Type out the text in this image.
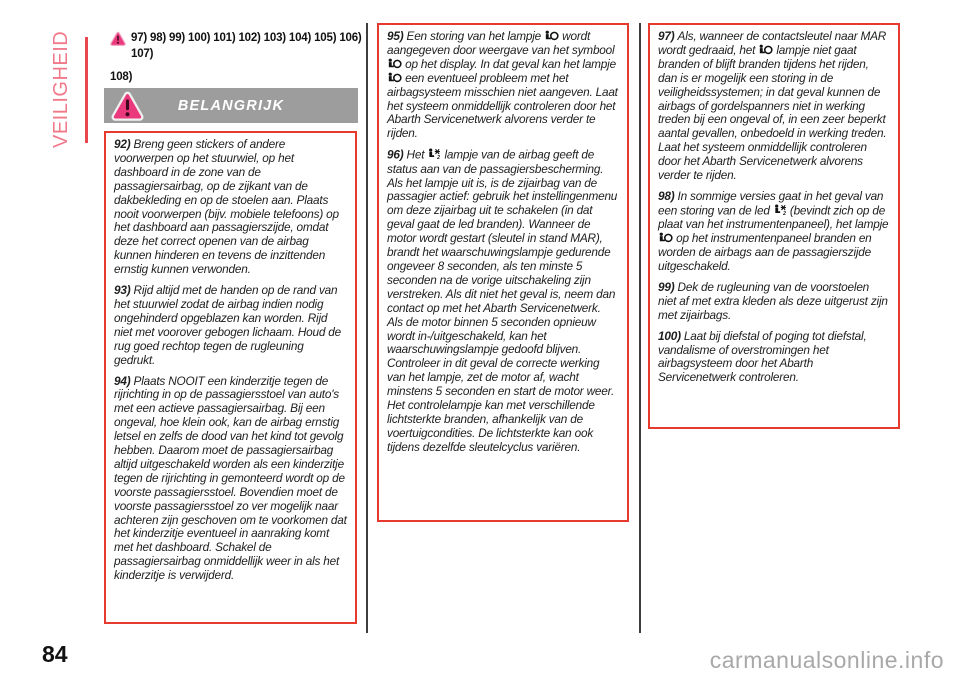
VEILIGHEID	97) 98) 99) 100) 101) 102) 103) 104) 105) 106) 107)
108)
BELANGRIJK

92) Breng geen stickers of andere voorwerpen op het stuurwiel, op het dashboard in de zone van de passagiersairbag, op de zijkant van de dakbekleding en op de stoelen aan. Plaats nooit voorwerpen (bijv. mobiele telefoons) op het dashboard aan passagierszijde, omdat deze het correct openen van de airbag kunnen hinderen en tevens de inzittenden ernstig kunnen verwonden.

93) Rijd altijd met de handen op de rand van het stuurwiel zodat de airbag indien nodig ongehinderd opgeblazen kan worden. Rijd niet met voorover gebogen lichaam. Houd de rug goed rechtop tegen de rugleuning gedrukt.

94) Plaats NOOIT een kinderzitje tegen de rijrichting in op de passagiersstoel van auto's met een actieve passagiersairbag. Bij een ongeval, hoe klein ook, kan de airbag ernstig letsel en zelfs de dood van het kind tot gevolg hebben. Daarom moet de passagiersairbag altijd uitgeschakeld worden als een kinderzitje tegen de rijrichting in gemonteerd wordt op de voorste passagiersstoel. Bovendien moet de voorste passagiersstoel zo ver mogelijk naar achteren zijn geschoven om te voorkomen dat het kinderzitje eventueel in aanraking komt met het dashboard. Schakel de passagiersairbag onmiddellijk weer in als het kinderzitje is verwijderd.

95) Een storing van het lampje  wordt aangegeven door weergave van het symbool  op het display. In dat geval kan het lampje  een eventueel probleem met het airbagsysteem misschien niet aangeven. Laat het systeem onmiddellijk controleren door het Abarth Servicenetwerk alvorens verder te rijden.

96) Het 2 lampje van de airbag geeft de status aan van de passagiersbescherming. Als het lampje uit is, is de zijairbag van de passagier actief: gebruik het instellingenmenu om deze zijairbag uit te schakelen (in dat geval gaat de led branden). Wanneer de motor wordt gestart (sleutel in stand MAR), brandt het waarschuwingslampje gedurende ongeveer 8 seconden, als ten minste 5 seconden na de vorige uitschakeling zijn verstreken. Als dit niet het geval is, neem dan contact op met het Abarth Servicenetwerk. Als de motor binnen 5 seconden opnieuw wordt in-/uitgeschakeld, kan het waarschuwingslampje gedoofd blijven. Controleer in dit geval de correcte werking van het lampje, zet de motor af, wacht minstens 5 seconden en start de motor weer. Het controlelampje kan met verschillende lichtsterkte branden, afhankelijk van de voertuigcondities. De lichtsterkte kan ook tijdens dezelfde sleutelcyclus variëren.

97) Als, wanneer de contactsleutel naar MAR wordt gedraaid, het  lampje niet gaat branden of blijft branden tijdens het rijden, dan is er mogelijk een storing in de veiligheidssystemen; in dat geval kunnen de airbags of gordelspanners niet in werking treden bij een ongeval of, in een zeer beperkt aantal gevallen, onbedoeld in werking treden. Laat het systeem onmiddellijk controleren door het Abarth Servicenetwerk alvorens verder te rijden.

98) In sommige versies gaat in het geval van een storing van de led 2 (bevindt zich op de plaat van het instrumentenpaneel), het lampje  op het instrumentenpaneel branden en worden de airbags aan de passagierszijde uitgeschakeld.

99) Dek de rugleuning van de voorstoelen niet af met extra kleden als deze uitgerust zijn met zijairbags.

100) Laat bij diefstal of poging tot diefstal, vandalisme of overstromingen het airbagsysteem door het Abarth Servicenetwerk controleren.

84	carmanualsonline.info
